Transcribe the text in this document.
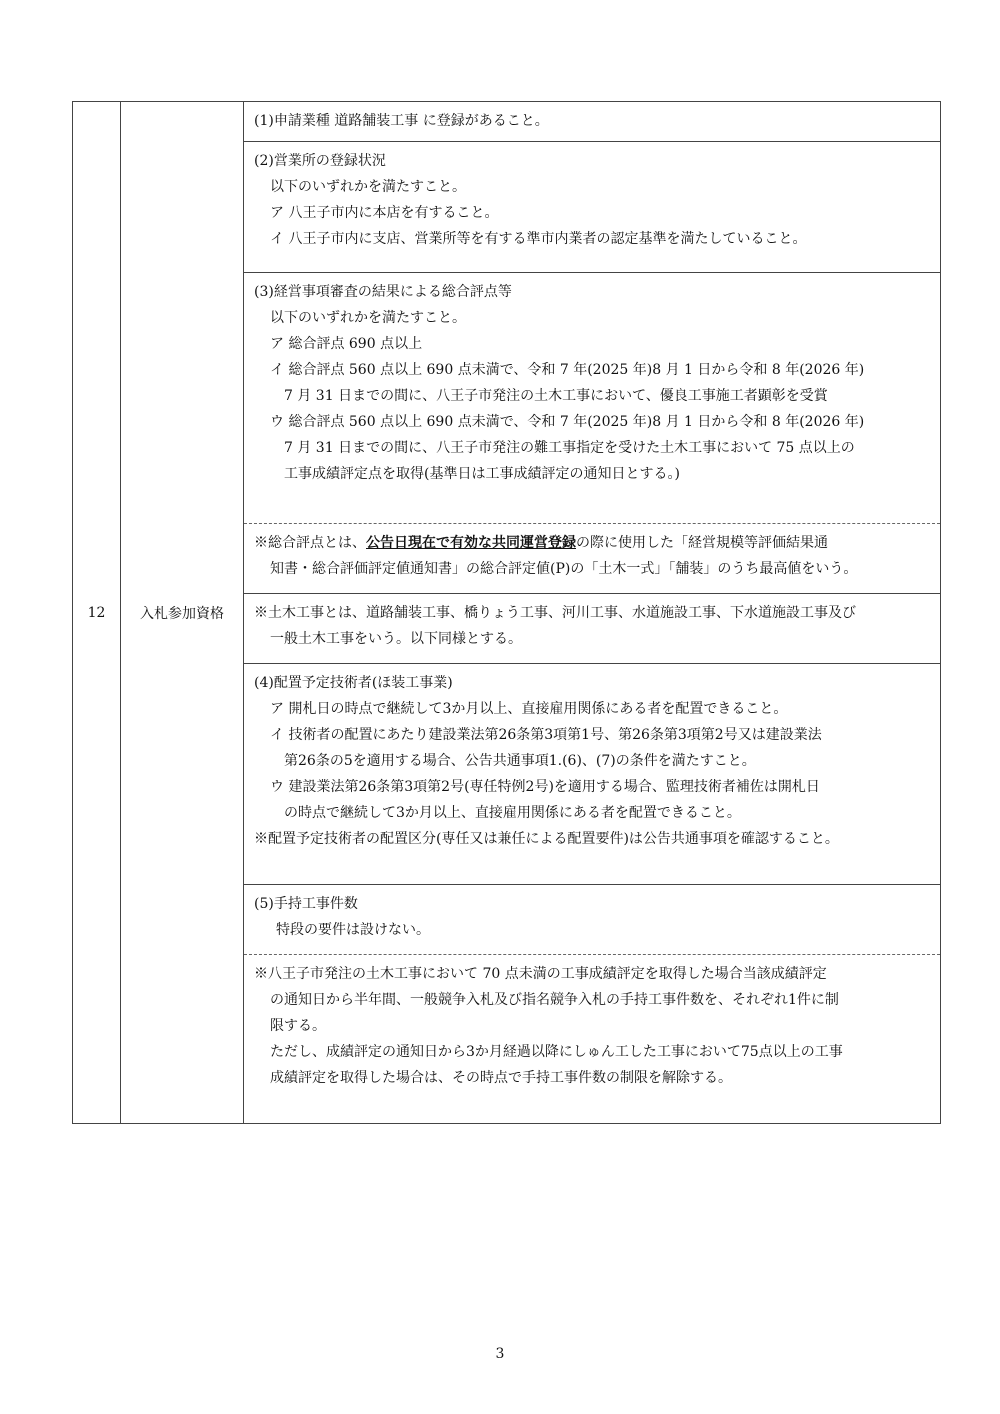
12	入札参加資格	
(1)申請業種 道路舗装工事 に登録があること。
(2)営業所の登録状況
以下のいずれかを満たすこと。
ア 八王子市内に本店を有すること。
イ 八王子市内に支店、営業所等を有する準市内業者の認定基準を満たしていること。
(3)経営事項審査の結果による総合評点等
以下のいずれかを満たすこと。
ア 総合評点 690 点以上
イ 総合評点 560 点以上 690 点未満で、令和 7 年(2025 年)8 月 1 日から令和 8 年(2026 年)
7 月 31 日までの間に、八王子市発注の土木工事において、優良工事施工者顕彰を受賞
ウ 総合評点 560 点以上 690 点未満で、令和 7 年(2025 年)8 月 1 日から令和 8 年(2026 年)
7 月 31 日までの間に、八王子市発注の難工事指定を受けた土木工事において 75 点以上の
工事成績評定点を取得(基準日は工事成績評定の通知日とする。)
※総合評点とは、公告日現在で有効な共同運営登録の際に使用した「経営規模等評価結果通
知書・総合評価評定値通知書」の総合評定値(P)の「土木一式」「舗装」のうち最高値をいう。
※土木工事とは、道路舗装工事、橋りょう工事、河川工事、水道施設工事、下水道施設工事及び
一般土木工事をいう。以下同様とする。
(4)配置予定技術者(ほ装工事業)
ア 開札日の時点で継続して3か月以上、直接雇用関係にある者を配置できること。
イ 技術者の配置にあたり建設業法第26条第3項第1号、第26条第3項第2号又は建設業法
第26条の5を適用する場合、公告共通事項1.(6)、(7)の条件を満たすこと。
ウ 建設業法第26条第3項第2号(専任特例2号)を適用する場合、監理技術者補佐は開札日
の時点で継続して3か月以上、直接雇用関係にある者を配置できること。
※配置予定技術者の配置区分(専任又は兼任による配置要件)は公告共通事項を確認すること。
(5)手持工事件数
特段の要件は設けない。
※八王子市発注の土木工事において 70 点未満の工事成績評定を取得した場合当該成績評定
の通知日から半年間、一般競争入札及び指名競争入札の手持工事件数を、それぞれ1件に制
限する。
ただし、成績評定の通知日から3か月経過以降にしゅん工した工事において75点以上の工事
成績評定を取得した場合は、その時点で手持工事件数の制限を解除する。
3
